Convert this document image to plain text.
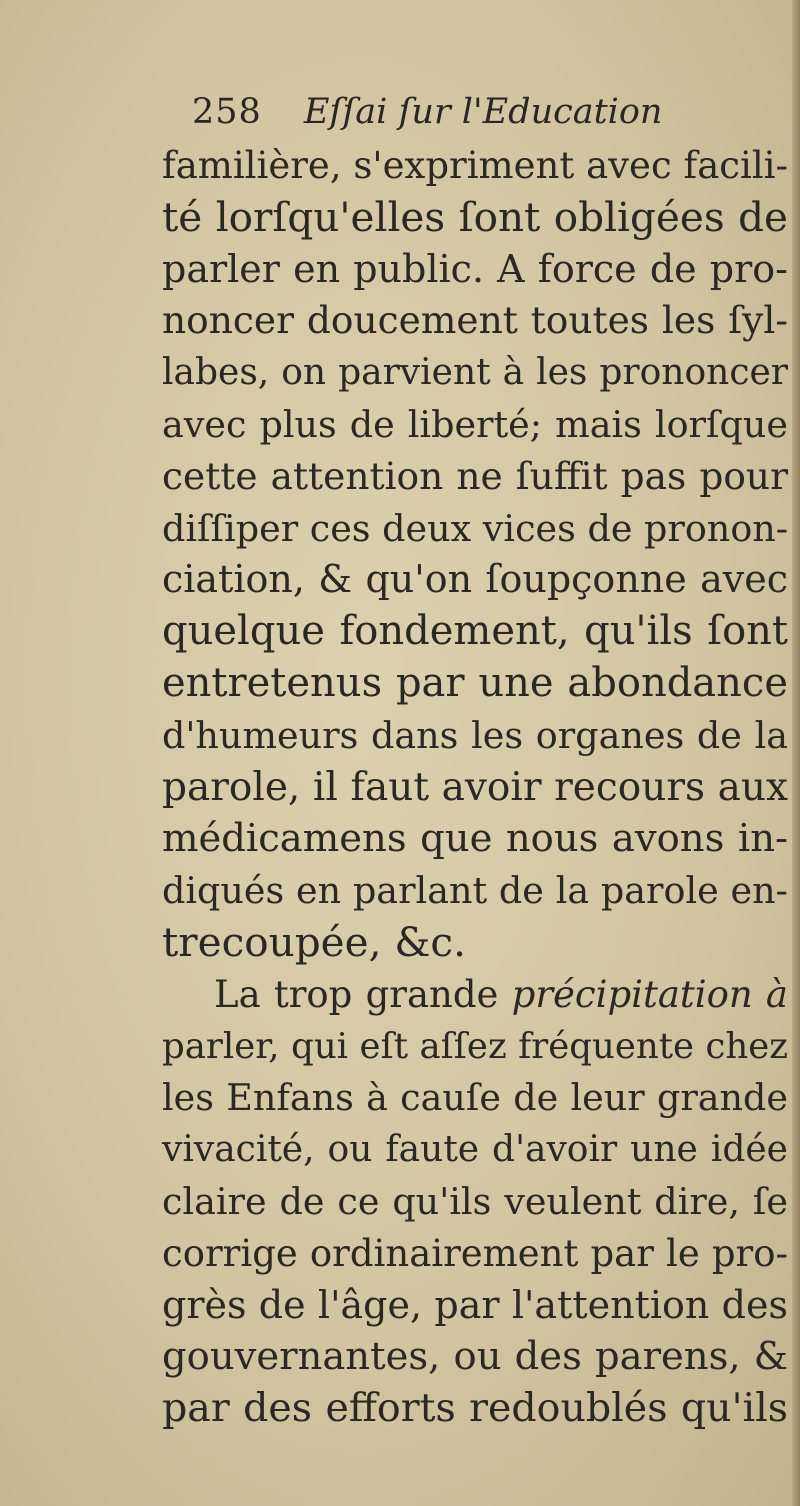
258 Eſſai ſur l'Education
familière, s'expriment avec facili-
té lorſqu'elles ſont obligées de
parler en public. A force de pro-
noncer doucement toutes les ſyl-
labes, on parvient à les prononcer
avec plus de liberté; mais lorſque
cette attention ne ſuffit pas pour
diſſiper ces deux vices de pronon-
ciation, & qu'on ſoupçonne avec
quelque fondement, qu'ils ſont
entretenus par une abondance
d'humeurs dans les organes de la
parole, il faut avoir recours aux
médicamens que nous avons in-
diqués en parlant de la parole en-
trecoupée, &c.
La trop grande précipitation à
parler, qui eſt aſſez fréquente chez
les Enfans à cauſe de leur grande
vivacité, ou faute d'avoir une idée
claire de ce qu'ils veulent dire, ſe
corrige ordinairement par le pro-
grès de l'âge, par l'attention des
gouvernantes, ou des parens, &
par des efforts redoublés qu'ils
